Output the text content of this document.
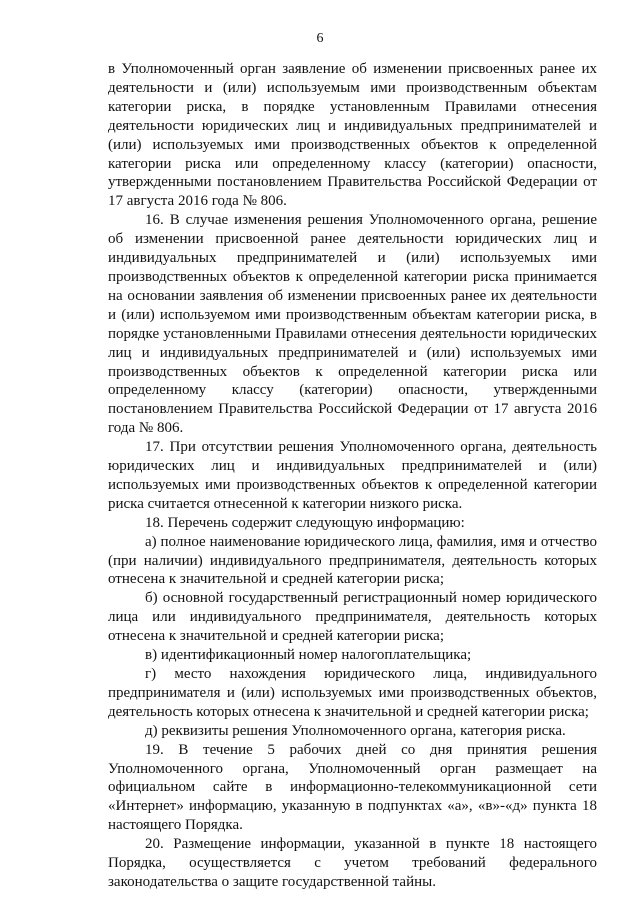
6

в Уполномоченный орган заявление об изменении присвоенных ранее их деятельности и (или) используемым ими производственным объектам категории риска, в порядке установленным Правилами отнесения деятельности юридических лиц и индивидуальных предпринимателей и (или) используемых ими производственных объектов к определенной категории риска или определенному классу (категории) опасности, утвержденными постановлением Правительства Российской Федерации от 17 августа 2016 года № 806.

16. В случае изменения решения Уполномоченного органа, решение об изменении присвоенной ранее деятельности юридических лиц и индивидуальных предпринимателей и (или) используемых ими производственных объектов к определенной категории риска принимается на основании заявления об изменении присвоенных ранее их деятельности и (или) используемом ими производственным объектам категории риска, в порядке установленными Правилами отнесения деятельности юридических лиц и индивидуальных предпринимателей и (или) используемых ими производственных объектов к определенной категории риска или определенному классу (категории) опасности, утвержденными постановлением Правительства Российской Федерации от 17 августа 2016 года № 806.

17. При отсутствии решения Уполномоченного органа, деятельность юридических лиц и индивидуальных предпринимателей и (или) используемых ими производственных объектов к определенной категории риска считается отнесенной к категории низкого риска.

18. Перечень содержит следующую информацию:

а) полное наименование юридического лица, фамилия, имя и отчество (при наличии) индивидуального предпринимателя, деятельность которых отнесена к значительной и средней категории риска;

б) основной государственный регистрационный номер юридического лица или индивидуального предпринимателя, деятельность которых отнесена к значительной и средней категории риска;

в) идентификационный номер налогоплательщика;

г) место нахождения юридического лица, индивидуального предпринимателя и (или) используемых ими производственных объектов, деятельность которых отнесена к значительной и средней категории риска;

д) реквизиты решения Уполномоченного органа, категория риска.

19. В течение 5 рабочих дней со дня принятия решения Уполномоченного органа, Уполномоченный орган размещает на официальном сайте в информационно-телекоммуникационной сети «Интернет» информацию, указанную в подпунктах «а», «в»-«д» пункта 18 настоящего Порядка.

20. Размещение информации, указанной в пункте 18 настоящего Порядка, осуществляется с учетом требований федерального законодательства о защите государственной тайны.
